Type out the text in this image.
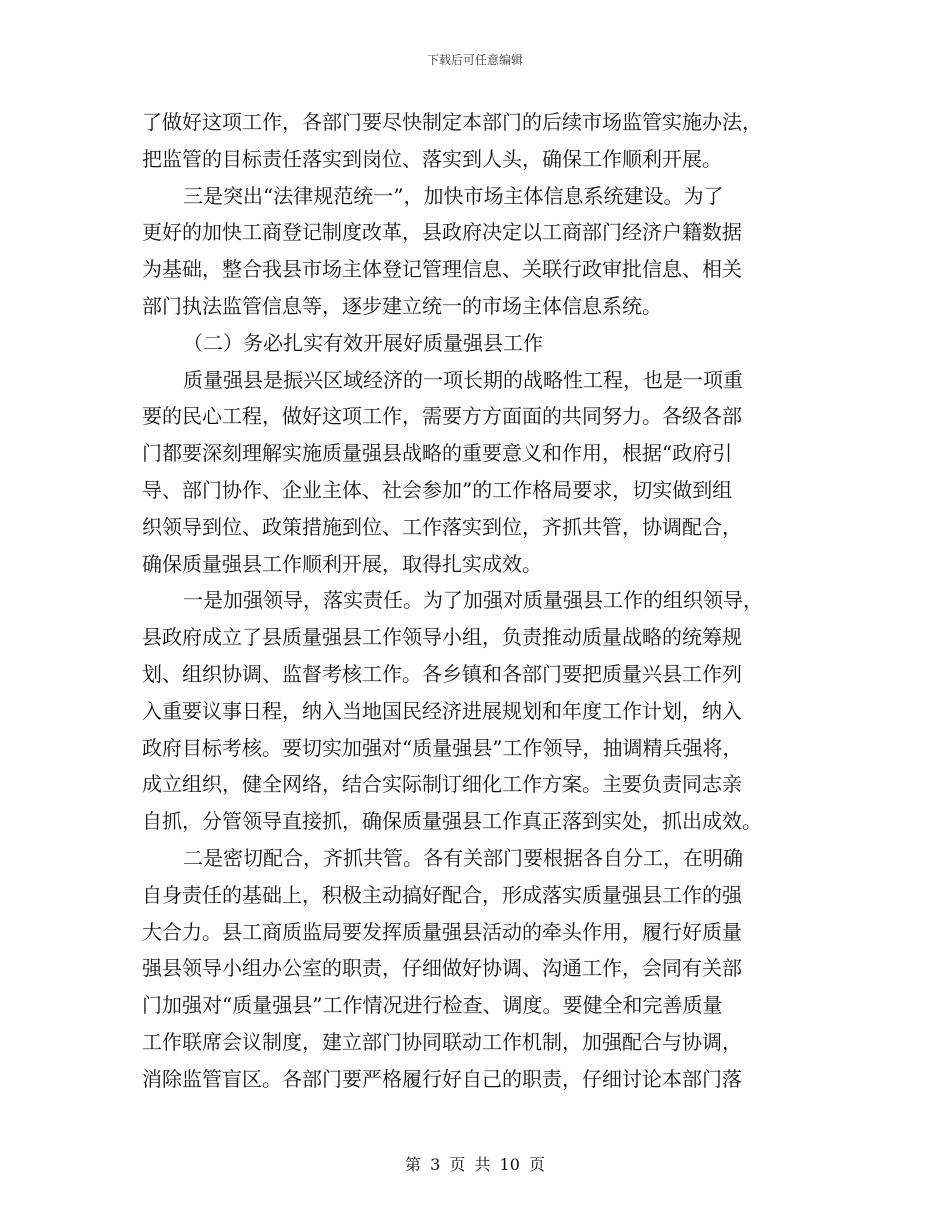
下载后可任意编辑
了做好这项工作，各部门要尽快制定本部门的后续市场监管实施办法，
把监管的目标责任落实到岗位、落实到人头，确保工作顺利开展。
三是突出“法律规范统一”，加快市场主体信息系统建设。为了
更好的加快工商登记制度改革，县政府决定以工商部门经济户籍数据
为基础，整合我县市场主体登记管理信息、关联行政审批信息、相关
部门执法监管信息等，逐步建立统一的市场主体信息系统。
（二）务必扎实有效开展好质量强县工作
质量强县是振兴区域经济的一项长期的战略性工程，也是一项重
要的民心工程，做好这项工作，需要方方面面的共同努力。各级各部
门都要深刻理解实施质量强县战略的重要意义和作用，根据“政府引
导、部门协作、企业主体、社会参加”的工作格局要求，切实做到组
织领导到位、政策措施到位、工作落实到位，齐抓共管，协调配合，
确保质量强县工作顺利开展，取得扎实成效。
一是加强领导，落实责任。为了加强对质量强县工作的组织领导，
县政府成立了县质量强县工作领导小组，负责推动质量战略的统筹规
划、组织协调、监督考核工作。各乡镇和各部门要把质量兴县工作列
入重要议事日程，纳入当地国民经济进展规划和年度工作计划，纳入
政府目标考核。要切实加强对“质量强县”工作领导，抽调精兵强将，
成立组织，健全网络，结合实际制订细化工作方案。主要负责同志亲
自抓，分管领导直接抓，确保质量强县工作真正落到实处，抓出成效。
二是密切配合，齐抓共管。各有关部门要根据各自分工，在明确
自身责任的基础上，积极主动搞好配合，形成落实质量强县工作的强
大合力。县工商质监局要发挥质量强县活动的牵头作用，履行好质量
强县领导小组办公室的职责，仔细做好协调、沟通工作，会同有关部
门加强对“质量强县”工作情况进行检查、调度。要健全和完善质量
工作联席会议制度，建立部门协同联动工作机制，加强配合与协调，
消除监管盲区。各部门要严格履行好自己的职责，仔细讨论本部门落
第 3 页 共 10 页
